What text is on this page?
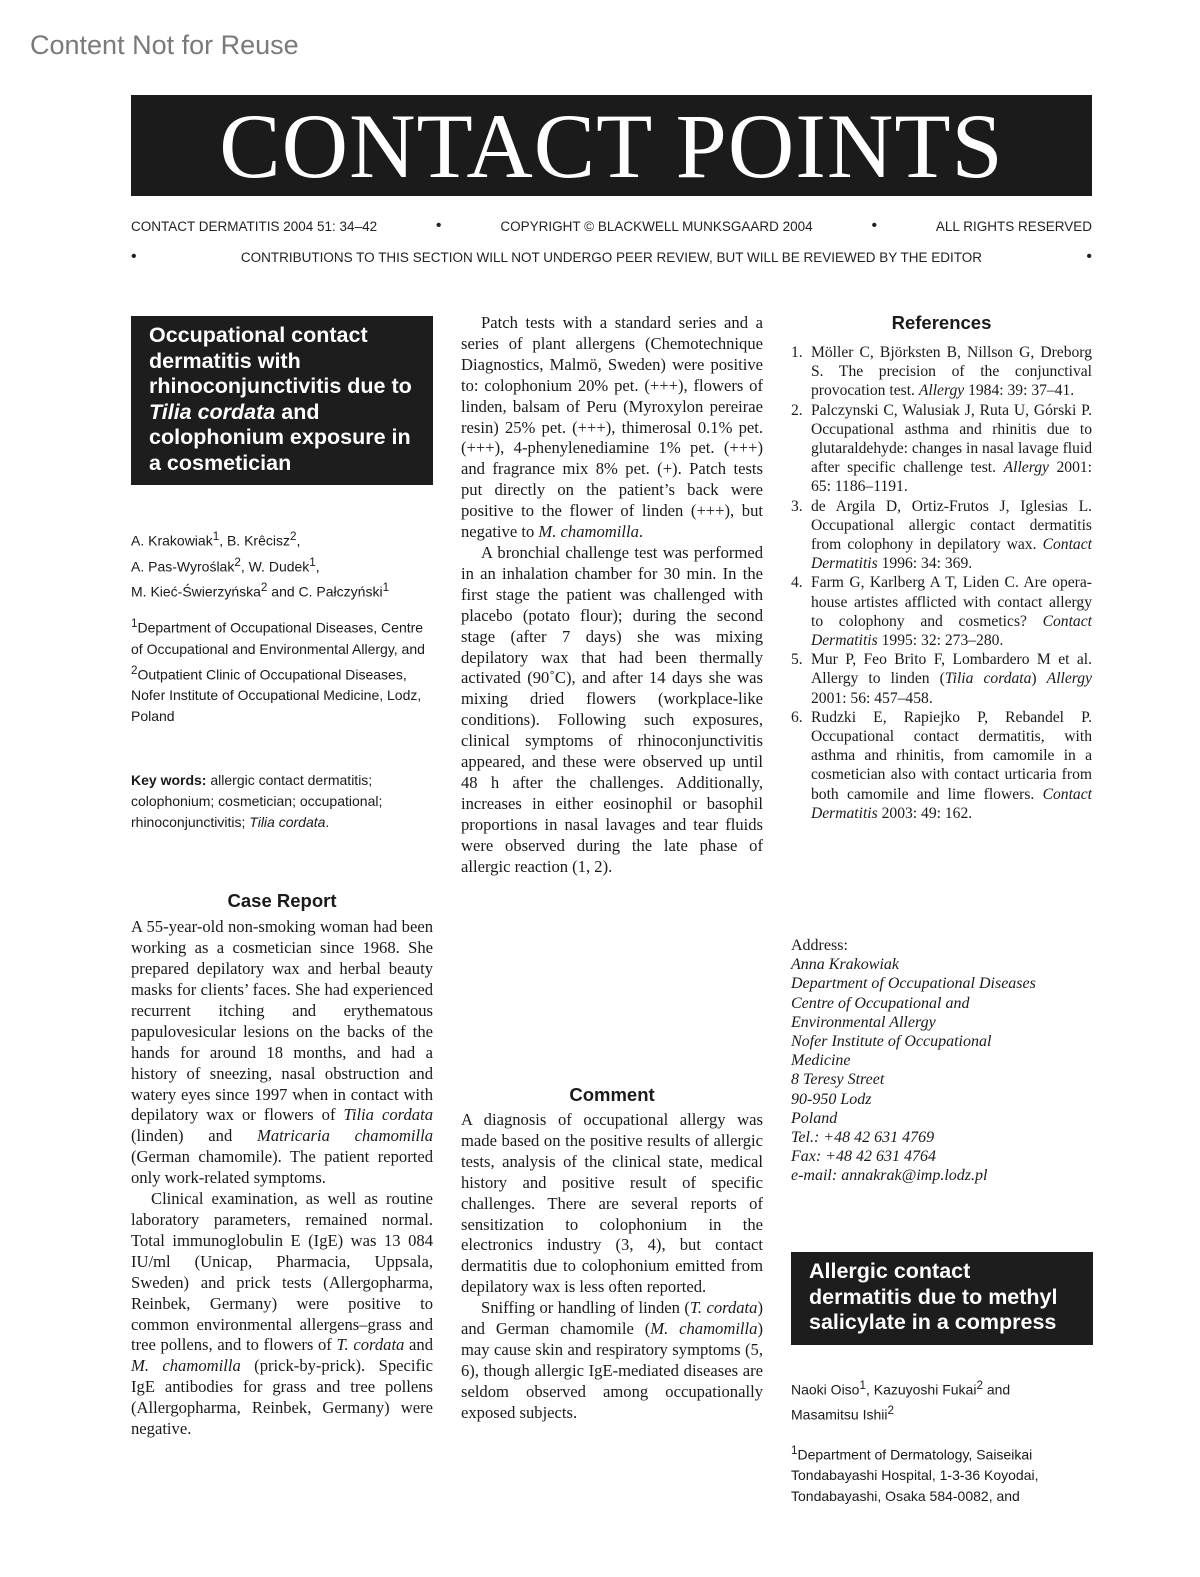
Content Not for Reuse
CONTACT POINTS
CONTACT DERMATITIS 2004 51: 34–42	•	COPYRIGHT © BLACKWELL MUNKSGAARD 2004	•	ALL RIGHTS RESERVED
•	CONTRIBUTIONS TO THIS SECTION WILL NOT UNDERGO PEER REVIEW, BUT WILL BE REVIEWED BY THE EDITOR	•
Occupational contact dermatitis with rhinoconjunctivitis due to Tilia cordata and colophonium exposure in a cosmetician
A. Krakowiak$^1$, B. Krêcisz$^2$,
A. Pas-Wyroślak$^2$, W. Dudek$^1$,
M. Kieć-Świerzyńska$^2$ and C. Pałczyński$^1$
$^1$Department of Occupational Diseases, Centre of Occupational and Environmental Allergy, and $^2$Outpatient Clinic of Occupational Diseases, Nofer Institute of Occupational Medicine, Lodz, Poland
Key words: allergic contact dermatitis; colophonium; cosmetician; occupational; rhinoconjunctivitis; Tilia cordata.
Case Report

A 55-year-old non-smoking woman had been working as a cosmetician since 1968. She prepared depilatory wax and herbal beauty masks for clients’ faces. She had experienced recurrent itching and erythematous papulovesicular lesions on the backs of the hands for around 18 months, and had a history of sneezing, nasal obstruction and watery eyes since 1997 when in contact with depilatory wax or flowers of Tilia cordata (linden) and Matricaria chamomilla (German chamomile). The patient reported only work-related symptoms.

Clinical examination, as well as routine laboratory parameters, remained normal. Total immunoglobulin E (IgE) was 13 084 IU/ml (Unicap, Pharmacia, Uppsala, Sweden) and prick tests (Allergopharma, Reinbek, Germany) were positive to common environmental allergens–grass and tree pollens, and to flowers of T. cordata and M. chamomilla (prick-by-prick). Specific IgE antibodies for grass and tree pollens (Allergopharma, Reinbek, Germany) were negative.

Patch tests with a standard series and a series of plant allergens (Chemotechnique Diagnostics, Malmö, Sweden) were positive to: colophonium 20% pet. (+++), flowers of linden, balsam of Peru (Myroxylon pereirae resin) 25% pet. (+++), thimerosal 0.1% pet. (+++), 4-phenylenediamine 1% pet. (+++) and fragrance mix 8% pet. (+). Patch tests put directly on the patient’s back were positive to the flower of linden (+++), but negative to M. chamomilla.

A bronchial challenge test was performed in an inhalation chamber for 30 min. In the first stage the patient was challenged with placebo (potato flour); during the second stage (after 7 days) she was mixing depilatory wax that had been thermally activated (90˚C), and after 14 days she was mixing dried flowers (workplace-like conditions). Following such exposures, clinical symptoms of rhinoconjunctivitis appeared, and these were observed up until 48 h after the challenges. Additionally, increases in either eosinophil or basophil proportions in nasal lavages and tear fluids were observed during the late phase of allergic reaction (1, 2).

Comment

A diagnosis of occupational allergy was made based on the positive results of allergic tests, analysis of the clinical state, medical history and positive result of specific challenges. There are several reports of sensitization to colophonium in the electronics industry (3, 4), but contact dermatitis due to colophonium emitted from depilatory wax is less often reported.

Sniffing or handling of linden (T. cordata) and German chamomile (M. chamomilla) may cause skin and respiratory symptoms (5, 6), though allergic IgE-mediated diseases are seldom observed among occupationally exposed subjects.

References
1. Möller C, Björksten B, Nillson G, Dreborg S. The precision of the conjunctival provocation test. Allergy 1984: 39: 37–41.
2. Palczynski C, Walusiak J, Ruta U, Górski P. Occupational asthma and rhinitis due to glutaraldehyde: changes in nasal lavage fluid after specific challenge test. Allergy 2001: 65: 1186–1191.
3. de Argila D, Ortiz-Frutos J, Iglesias L. Occupational allergic contact dermatitis from colophony in depilatory wax. Contact Dermatitis 1996: 34: 369.
4. Farm G, Karlberg A T, Liden C. Are opera-house artistes afflicted with contact allergy to colophony and cosmetics? Contact Dermatitis 1995: 32: 273–280.
5. Mur P, Feo Brito F, Lombardero M et al. Allergy to linden (Tilia cordata) Allergy 2001: 56: 457–458.
6. Rudzki E, Rapiejko P, Rebandel P. Occupational contact dermatitis, with asthma and rhinitis, from camomile in a cosmetician also with contact urticaria from both camomile and lime flowers. Contact Dermatitis 2003: 49: 162.
Address:
Anna Krakowiak
Department of Occupational Diseases
Centre of Occupational and
Environmental Allergy
Nofer Institute of Occupational
Medicine
8 Teresy Street
90-950 Lodz
Poland
Tel.: +48 42 631 4769
Fax: +48 42 631 4764
e-mail: annakrak@imp.lodz.pl
Allergic contact dermatitis due to methyl salicylate in a compress
Naoki Oiso$^1$, Kazuyoshi Fukai$^2$ and
Masamitsu Ishii$^2$
$^1$Department of Dermatology, Saiseikai Tondabayashi Hospital, 1-3-36 Koyodai, Tondabayashi, Osaka 584-0082, and
